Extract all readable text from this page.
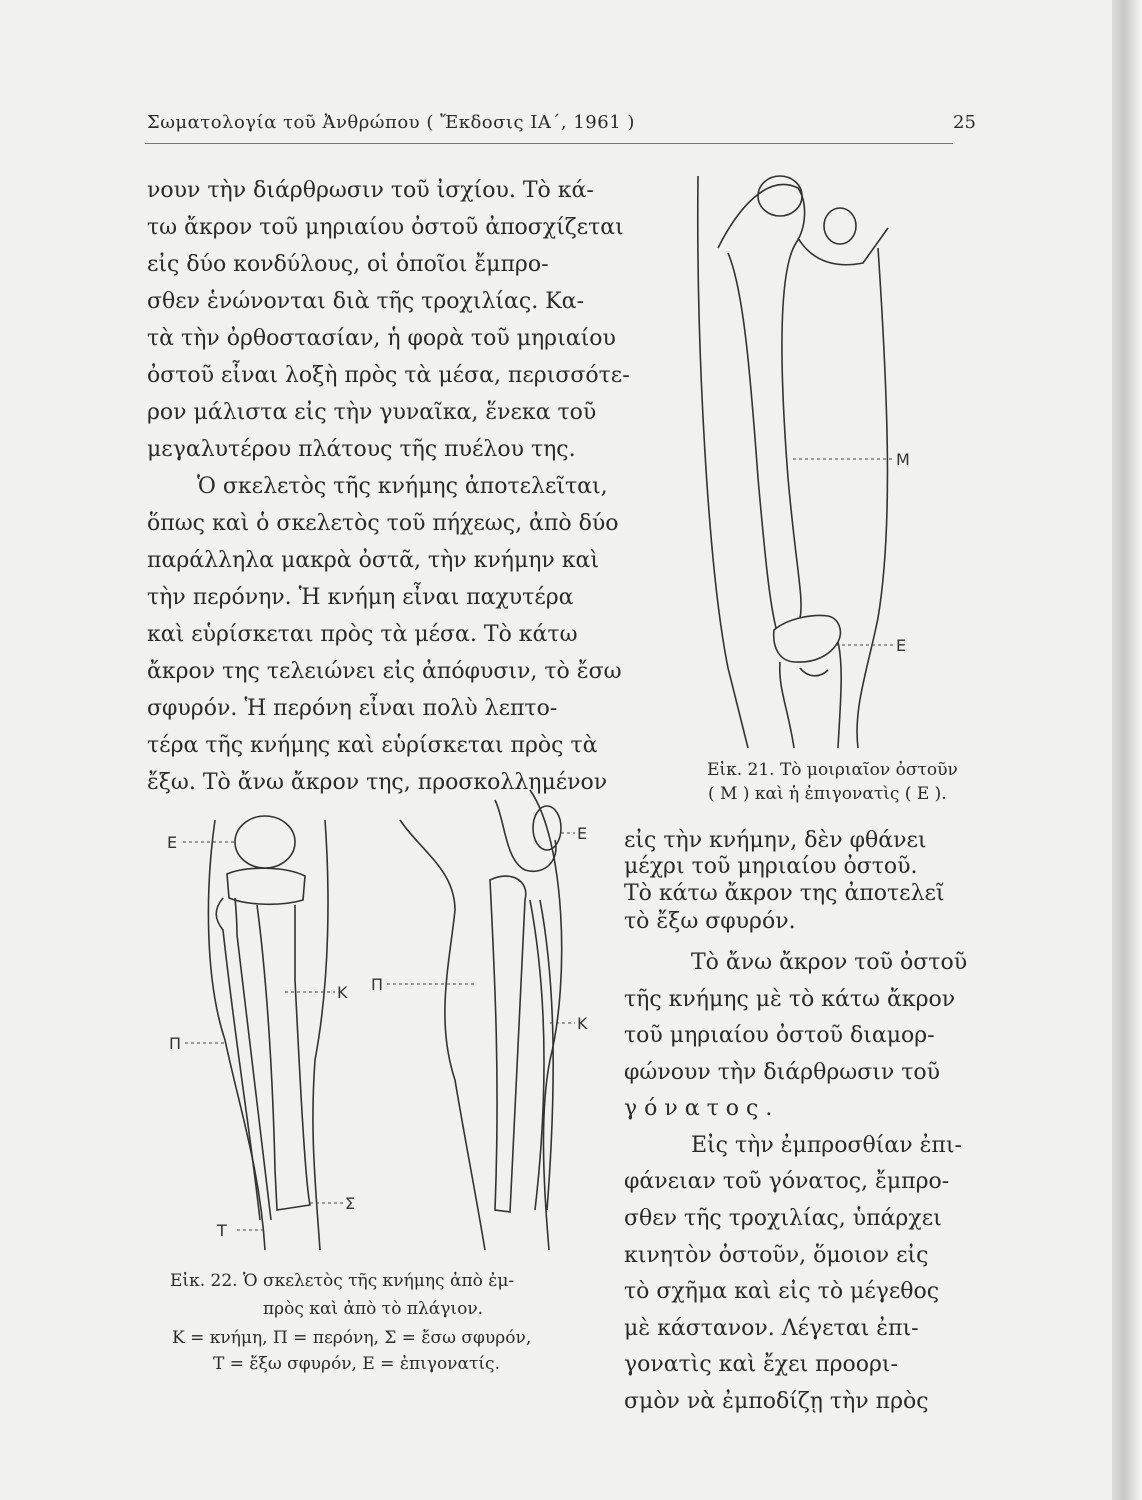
Σωματολογία τοῦ Ἀνθρώπου ( Ἔκδοσις ΙΑ΄, 1961 )	25
νουν τὴν διάρθρωσιν τοῦ ἰσχίου. Τὸ κά-
τω ἄκρον τοῦ μηριαίου ὀστοῦ ἀποσχίζεται
εἰς δύο κονδύλους, οἱ ὁποῖοι ἔμπρο-
σθεν ἑνώνονται διὰ τῆς τροχιλίας. Κα-
τὰ τὴν ὀρθοστασίαν, ἡ φορὰ τοῦ μηριαίου
ὀστοῦ εἶναι λοξὴ πρὸς τὰ μέσα, περισσότε-
ρον μάλιστα εἰς τὴν γυναῖκα, ἕνεκα τοῦ
μεγαλυτέρου πλάτους τῆς πυέλου της.
Ὁ σκελετὸς τῆς κνήμης ἀποτελεῖται,
ὅπως καὶ ὁ σκελετὸς τοῦ πήχεως, ἀπὸ δύο
παράλληλα μακρὰ ὀστᾶ, τὴν κνήμην καὶ
τὴν περόνην. Ἡ κνήμη εἶναι παχυτέρα
καὶ εὑρίσκεται πρὸς τὰ μέσα. Τὸ κάτω
ἄκρον της τελειώνει εἰς ἀπόφυσιν, τὸ ἔσω
σφυρόν. Ἡ περόνη εἶναι πολὺ λεπτο-
τέρα τῆς κνήμης καὶ εὑρίσκεται πρὸς τὰ
ἔξω. Τὸ ἄνω ἄκρον της, προσκολλημένον
M
E
Εἰκ. 21. Τὸ μοιριαῖον ὀστοῦν
( Μ ) καὶ ἡ ἐπιγονατὶς ( Ε ).
E
K
Π
Σ
T
E
Π
K
Εἰκ. 22. Ὁ σκελετὸς τῆς κνήμης ἀπὸ ἐμ-
πρὸς καὶ ἀπὸ τὸ πλάγιον.
Κ = κνήμη, Π = περόνη, Σ = ἔσω σφυρόν,
Τ = ἔξω σφυρόν, Ε = ἐπιγονατίς.
εἰς τὴν κνήμην, δὲν φθάνει
μέχρι τοῦ μηριαίου ὀστοῦ.
Τὸ κάτω ἄκρον της ἀποτελεῖ
τὸ ἔξω σφυρόν.
Τὸ ἄνω ἄκρον τοῦ ὀστοῦ
τῆς κνήμης μὲ τὸ κάτω ἄκρον
τοῦ μηριαίου ὀστοῦ διαμορ-
φώνουν τὴν διάρθρωσιν τοῦ
γόνατος.
Εἰς τὴν ἐμπροσθίαν ἐπι-
φάνειαν τοῦ γόνατος, ἔμπρο-
σθεν τῆς τροχιλίας, ὑπάρχει
κινητὸν ὀστοῦν, ὅμοιον εἰς
τὸ σχῆμα καὶ εἰς τὸ μέγεθος
μὲ κάστανον. Λέγεται ἐπι-
γονατὶς καὶ ἔχει προορι-
σμὸν νὰ ἐμποδίζῃ τὴν πρὸς
